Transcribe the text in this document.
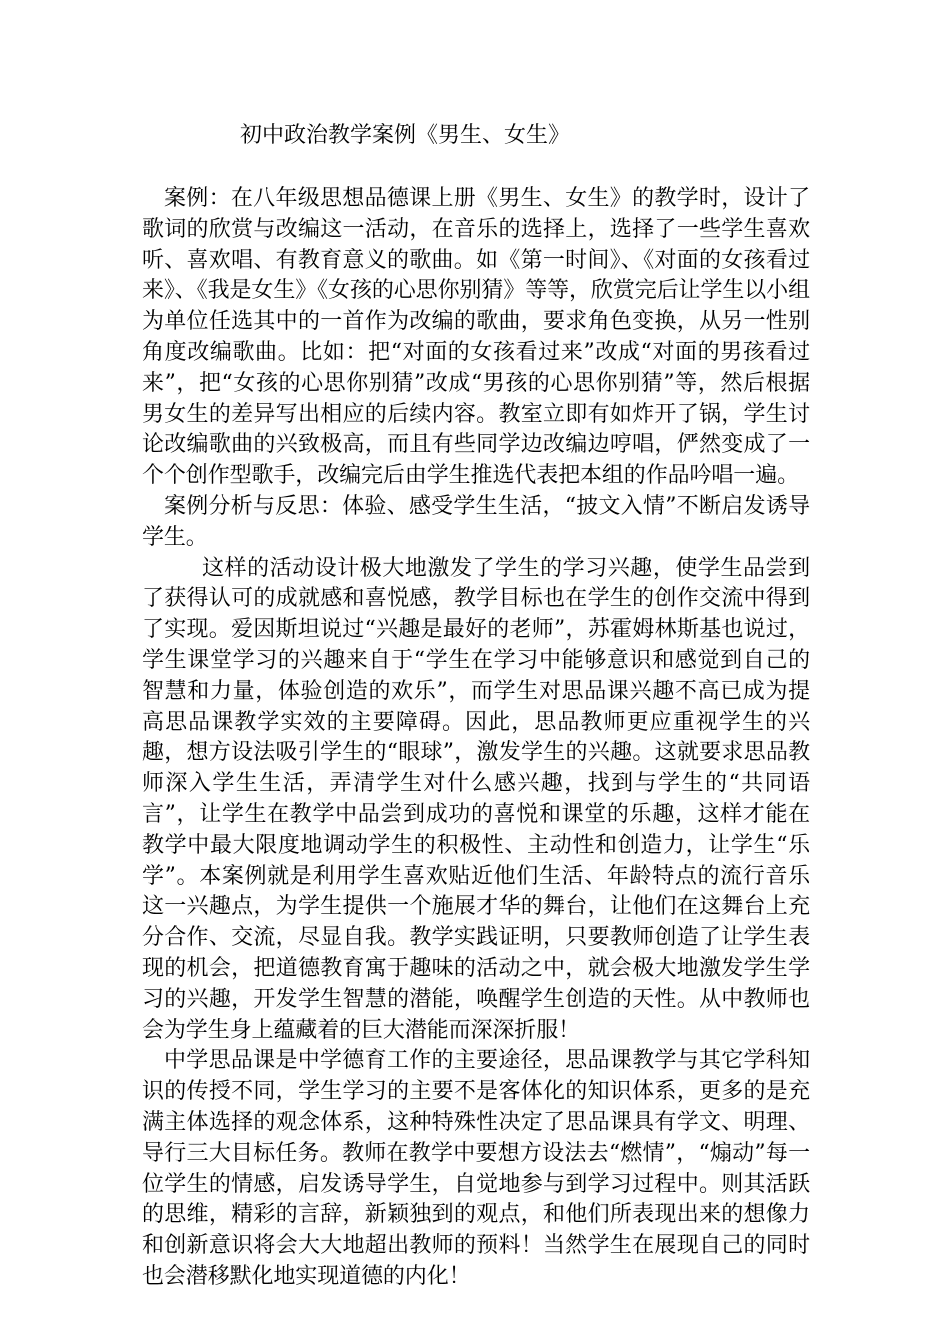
初中政治教学案例《男生、女生》

案例：在八年级思想品德课上册《男生、女生》的教学时，设计了歌词的欣赏与改编这一活动，在音乐的选择上，选择了一些学生喜欢听、喜欢唱、有教育意义的歌曲。如《第一时间》、《对面的女孩看过来》、《我是女生》《女孩的心思你别猜》等等，欣赏完后让学生以小组为单位任选其中的一首作为改编的歌曲，要求角色变换，从另一性别角度改编歌曲。比如：把“对面的女孩看过来”改成“对面的男孩看过来”，把“女孩的心思你别猜”改成“男孩的心思你别猜”等，然后根据男女生的差异写出相应的后续内容。教室立即有如炸开了锅，学生讨论改编歌曲的兴致极高，而且有些同学边改编边哼唱，俨然变成了一个个创作型歌手，改编完后由学生推选代表把本组的作品吟唱一遍。

案例分析与反思：体验、感受学生生活，“披文入情”不断启发诱导学生。

这样的活动设计极大地激发了学生的学习兴趣，使学生品尝到了获得认可的成就感和喜悦感，教学目标也在学生的创作交流中得到了实现。爱因斯坦说过“兴趣是最好的老师”，苏霍姆林斯基也说过，学生课堂学习的兴趣来自于“学生在学习中能够意识和感觉到自己的智慧和力量，体验创造的欢乐”，而学生对思品课兴趣不高已成为提高思品课教学实效的主要障碍。因此，思品教师更应重视学生的兴趣，想方设法吸引学生的“眼球”，激发学生的兴趣。这就要求思品教师深入学生生活，弄清学生对什么感兴趣，找到与学生的“共同语言”，让学生在教学中品尝到成功的喜悦和课堂的乐趣，这样才能在教学中最大限度地调动学生的积极性、主动性和创造力，让学生“乐学”。本案例就是利用学生喜欢贴近他们生活、年龄特点的流行音乐这一兴趣点，为学生提供一个施展才华的舞台，让他们在这舞台上充分合作、交流，尽显自我。教学实践证明，只要教师创造了让学生表现的机会，把道德教育寓于趣味的活动之中，就会极大地激发学生学习的兴趣，开发学生智慧的潜能，唤醒学生创造的天性。从中教师也会为学生身上蕴藏着的巨大潜能而深深折服！

中学思品课是中学德育工作的主要途径，思品课教学与其它学科知识的传授不同，学生学习的主要不是客体化的知识体系，更多的是充满主体选择的观念体系，这种特殊性决定了思品课具有学文、明理、导行三大目标任务。教师在教学中要想方设法去“燃情”，“煽动”每一位学生的情感，启发诱导学生，自觉地参与到学习过程中。则其活跃的思维，精彩的言辞，新颖独到的观点，和他们所表现出来的想像力和创新意识将会大大地超出教师的预料！当然学生在展现自己的同时也会潜移默化地实现道德的内化！
